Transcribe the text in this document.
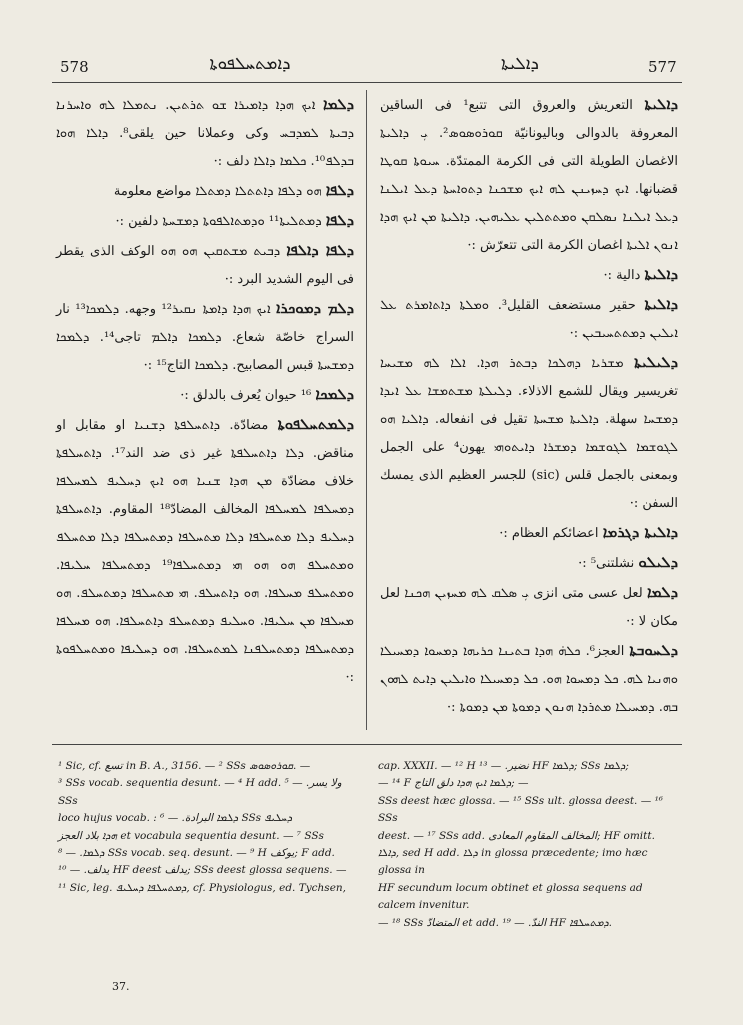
578	ܕܐܡܬܚܠܦܘܬܐ	ܕܐܠܝܬܐ	577

ܕܠܡܐ ܐܝܟ ܗܕܐ ܕܐܡܝܪܐ ܫܘ ܬܪܬܝܢ. ܢܬܡܠܐ ܠܗ ܘܐܚܪܢܐ ܕܒܝܬܐ ܠܡܕܒܚ وكى وعملانا حين يلقى⁸. ܕܐܠܐ ܗܘܐ ܒܕܠܦ¹⁰. ܟܠܡܐ ܕܐܠܐ دلف :·

ܕܠܦܐ ܗܘ ܕܠܦܐ ܕܐܬܬܠܐ ܕܡܬܠܐ مواضع معلومة

ܕܠܦܐ ܕܡܬܠܝܬܐ¹¹ ܘܕܡܬܐܠܦܘܬܐ ܕܡܫܚܬܐ دلفين :·

ܕܠܦܐ ܕܐܠܦܐ ܕܒܝܬ ܡܫܬܩܝܢ ܗܘ ܗܘ الوكف الذى يقطر فى اليوم الشديد البرد :·

ܕܠܡ ܕܡܘܟܪܐ ܐܝܟ ܗܕܐ ܕܐܡܬܐ ܢܩܝܪ¹² وجهه. ܕܠܡܟܐ¹³ نار السراج خاصّة شعاع. ܕܠܡܟܐ ܕܐܠܡ تاجى¹⁴. ܕܠܡܟܐ ܕܡܫܚܬܐ قبس المصابيح. ܕܠܡܟܐ التاج¹⁵ :·

ܕܠܡܟܐ ¹⁶ حيوان يُعرف بالدلق :·

ܕܠܡܬܚܠܦܘܬܐ مضادّة. ܕܐܬܚܠܦܬܐ ܕܫܢܝܐ او مقابل او مناقض. ܕܠܐ ܕܐܬܚܠܦܬܐ غير ذى ضد الند¹⁷. ܕܐܬܚܠܦܬܐ خلاف مضادّة ܡܢ ܗܕܐ ܫܢܝܐ ܗܘ ܐܝܟ ܕܚܠܝܦ ܠܡܚܠܦܐ ܕܡܚܠܦܐ ܠܡܚܠܦܐ المخالف المضادّ¹⁸ المقاوم. ܕܐܬܚܠܦܬܐ ܕܚܠܝܦ ܕܠܐ ܡܬܚܠܦܐ ܕܠܐ ܡܬܚܠܦܐ ܕܡܬܚܠܦܐ ܕܠܐ ܡܬܚܠܦ ܘܡܬܚܠܦ ܗܘ ܗܘ ܗܝ ܕܡܬܚܠܦܐ¹⁹ ܕܡܬܚܠܦܐ ܚܠܝܦܐ. ܘܡܬܚܠܦ ܡܚܠܦܐ. ܗܘ ܕܐܬܚܠܦ. ܗܝ ܡܬܚܠܦܐ ܕܡܬܚܠܦ. ܗܘ ܡܚܠܦܐ ܡܢ ܚܠܝܦܐ. ܘܚܠܝܦ ܕܡܬܚܠܦ ܕܐܬܚܠܦܐ. ܗܘ ܡܚܠܦܐ ܕܡܬܚܠܦܐ ܕܡܬܚܠܦܢܐ ܠܡܬܚܠܦܐ. ܗܘ ܕܚܠܝܦܐ ܘܡܬܚܠܦܘܬܐ :·

ܕܐܠܝܬܐ التعريش والعروق التى تتبع¹ فى الساقين المعروفة بالدوالى وباليونانيّة ܩܘܪܘܣܘܣ². ܝܼ ܕܐܠܝܬܐ الاغصان الطويلة التى فى الكرمة الممتدّة. ܚܝܘܬܐ ܩܘܛܐ قضبانها. ܐܝܟ ܕܚܙܝܢܢ ܠܗ ܐܝܟ ܡܫܟܢܐ ܕܬܘܐܚܬܐ ܕܥܠ ܐܝܠܢܐ ܕܥܠ ܐܝܠܢܐ ܢܣܠܩܢ ܘܡܬܬܠܝܢ ܥܠܝܗܝܢ. ܕܐܠܝܬܐ ܡܢ ܐܝܟ ܗܕܐ ܐܢܘܢ ܐܠܝܬܐ اغصان الكرمة التى تتعرّش :·

ܕܐܠܝܬܐ دالية :·

ܕܐܠܝܬܐ حقير مستضعف القليل³. ܘܡܠܬܐ ܕܐܬܐܡܪܬ ܥܠ ܐܝܠܝܢ ܕܡܬܬܚܝܒܝܢ :·

ܕܠܝܠܝܬܐ ܡܫܪܝܐ ܕܗܠܟܐ ܕܒܬܪ ܗܕܐ. ܐܠܐ ܠܗ ܡܫܝܚܐ تغريسير ويقال للشمع الاذلاء. ܕܠܝܠܬܐ ܡܫܬܡܫܐ ܥܠ ܐܝܕܐ ܕܡܫܚܐ سهلة. ܕܐܠܝܬܐ ܡܫܚܬܐ تقيل فى انفعاله. ܕܐܠܝܐ ܗܘ ܠܓܘܫܡܐ ܠܓܘܫܡܐ ܕܡܫܪܐ ܕܐܝܬܘܗܝ يهون⁴ على الجمل وبمعنى بالجمل قلس (sic) للجسر العظيم الذى يمسك السفن :·

ܕܐܠܝܬܐ ܕܓܪܡܐ اعضائكم العظام :·

ܕܠܝܠܘ نشلتنى⁵ :·

ܕܠܡܐ لعل عسى متى انزى ܝܼ ܣܠܩ ܠܗ ܡܚܙܝܢ ܗܟܢܐ لعل مكان لا :·

ܕܠܚܘܒܬܐ العجز⁶. ܟܠܗ̇ ܗܕܐ ܒܬܝܢܐ ܟܪܝܗܐ ܕܡܚܘܐ ܕܡܚܝܠܐ ܘܗܢܝܐ ܠܗ. ܟܠ ܕܡܚܘܐ ܗܘ. ܟܠ ܕܡܚܝܠܐ ܘܐܝܠܝܢ ܕܐܝܬ ܠܗܘܢ ܒܗ. ܕܡܚܝܠܐ ܡܬܪܕܐ ܗܢܘܢ ܕܡܘܬܐ ܡܢ ܕܡܘܬܐ :·

¹ Sic, cf. تسع in B. A., 3156. — ² SSs ܩܘܪܘܣܘܣ. —

³ SSs vocab. sequentia desunt. — ⁴ H add. ولا يسر. — ⁵ SSs

loco hujus vocab. : ܕܠܡܐ البرادة. — ⁶ SSs ܕܚܠܝܦ

ܗܕܐ بلاد العجز et vocabula sequentia desunt. — ⁷ SSs

ܕܠܡܐ. — ⁸ SSs vocab. seq. desunt. — ⁹ H يوكف; F add.

يدلف. — ¹⁰ HF deest يدلف; SSs deest glossa sequens. —

¹¹ Sic, leg. ܕܡܬܚܠܦܐ ܕܚܠܝܦ, cf. Physiologus, ed. Tychsen,

cap. XXXII. — ¹² H نضير. — ¹³ HF ܕܠܡܐ; SSs ܕܠܡܐ;

— ¹⁴ F ܕܠܡܐ ܐܝܟ ܗܕܐ دلق التاج; —

SSs deest hæc glossa. — ¹⁵ SSs ult. glossa deest. — ¹⁶ SSs

deest. — ¹⁷ SSs add. المخالف المقاوم المعادى; HF omitt.

ܕܐܠܐ, sed H add. ܕܠܐ in glossa præcedente; imo hæc glossa in

HF secundum locum obtinet et glossa sequens ad calcem invenitur.

— ¹⁸ SSs المتضادّ et add. الندّ. — ¹⁹ HF ܕܡܬܚܠܦܐ.

37.
